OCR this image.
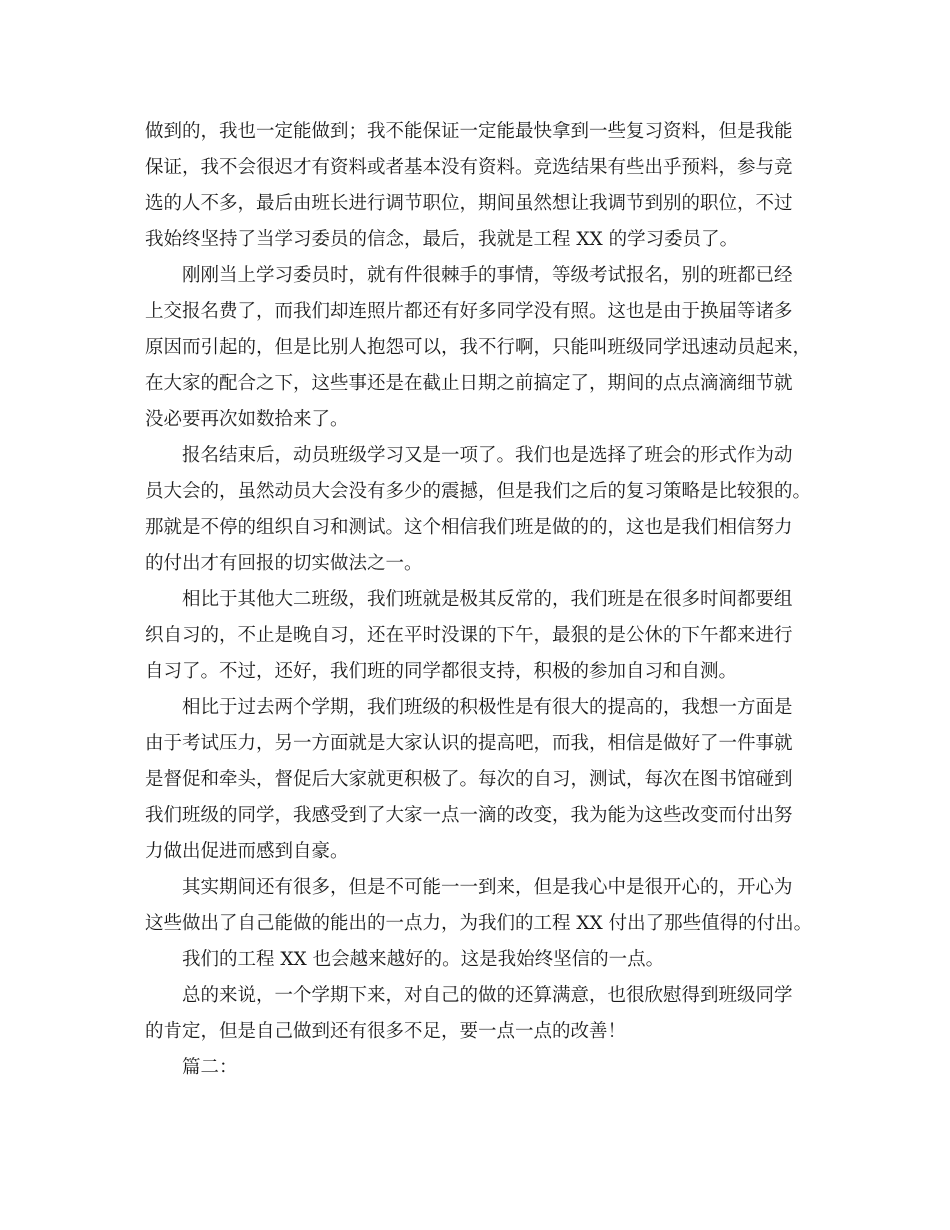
做到的，我也一定能做到；我不能保证一定能最快拿到一些复习资料，但是我能
保证，我不会很迟才有资料或者基本没有资料。竞选结果有些出乎预料，参与竞
选的人不多，最后由班长进行调节职位，期间虽然想让我调节到别的职位，不过
我始终坚持了当学习委员的信念，最后，我就是工程 XX 的学习委员了。
刚刚当上学习委员时，就有件很棘手的事情，等级考试报名，别的班都已经
上交报名费了，而我们却连照片都还有好多同学没有照。这也是由于换届等诸多
原因而引起的，但是比别人抱怨可以，我不行啊，只能叫班级同学迅速动员起来，
在大家的配合之下，这些事还是在截止日期之前搞定了，期间的点点滴滴细节就
没必要再次如数拾来了。
报名结束后，动员班级学习又是一项了。我们也是选择了班会的形式作为动
员大会的，虽然动员大会没有多少的震撼，但是我们之后的复习策略是比较狠的。
那就是不停的组织自习和测试。这个相信我们班是做的的，这也是我们相信努力
的付出才有回报的切实做法之一。
相比于其他大二班级，我们班就是极其反常的，我们班是在很多时间都要组
织自习的，不止是晚自习，还在平时没课的下午，最狠的是公休的下午都来进行
自习了。不过，还好，我们班的同学都很支持，积极的参加自习和自测。
相比于过去两个学期，我们班级的积极性是有很大的提高的，我想一方面是
由于考试压力，另一方面就是大家认识的提高吧，而我，相信是做好了一件事就
是督促和牵头，督促后大家就更积极了。每次的自习，测试，每次在图书馆碰到
我们班级的同学，我感受到了大家一点一滴的改变，我为能为这些改变而付出努
力做出促进而感到自豪。
其实期间还有很多，但是不可能一一到来，但是我心中是很开心的，开心为
这些做出了自己能做的能出的一点力，为我们的工程 XX 付出了那些值得的付出。
我们的工程 XX 也会越来越好的。这是我始终坚信的一点。
总的来说，一个学期下来，对自己的做的还算满意，也很欣慰得到班级同学
的肯定，但是自己做到还有很多不足，要一点一点的改善！
篇二：
